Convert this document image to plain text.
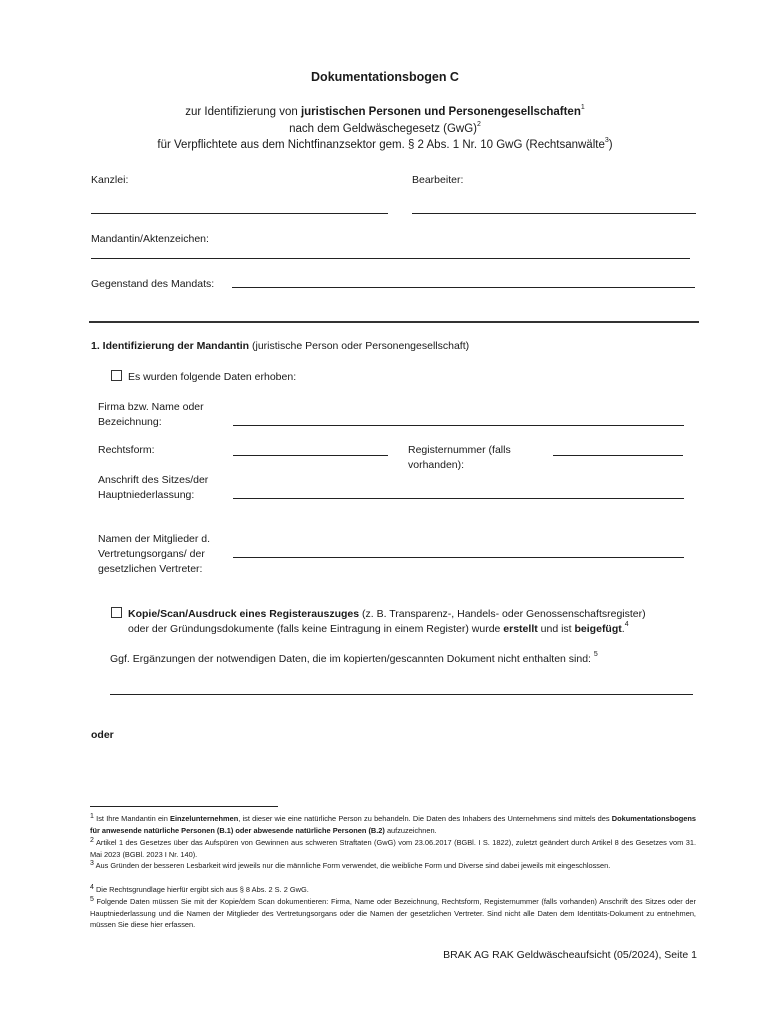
Dokumentationsbogen C
zur Identifizierung von juristischen Personen und Personengesellschaften$^1$
nach dem Geldwäschegesetz (GwG)$^2$
für Verpflichtete aus dem Nichtfinanzsektor gem. § 2 Abs. 1 Nr. 10 GwG (Rechtsanwälte$^3$)
Kanzlei:	Bearbeiter:
Mandantin/Aktenzeichen:
Gegenstand des Mandats:
1. Identifizierung der Mandantin (juristische Person oder Personengesellschaft)
Es wurden folgende Daten erhoben:
Firma bzw. Name oder Bezeichnung:
Rechtsform:	Registernummer (falls vorhanden):
Anschrift des Sitzes/der Hauptniederlassung:
Namen der Mitglieder d. Vertretungsorgans/ der gesetzlichen Vertreter:
Kopie/Scan/Ausdruck eines Registerauszuges (z. B. Transparenz-, Handels- oder Genossenschaftsregister)
oder der Gründungsdokumente (falls keine Eintragung in einem Register) wurde erstellt und ist beigefügt.$^4$
Ggf. Ergänzungen der notwendigen Daten, die im kopierten/gescannten Dokument nicht enthalten sind: $^5$
oder
$^1$ Ist Ihre Mandantin ein Einzelunternehmen, ist dieser wie eine natürliche Person zu behandeln. Die Daten des Inhabers des Unternehmens sind mittels des Dokumentationsbogens für anwesende natürliche Personen (B.1) oder abwesende natürliche Personen (B.2) aufzuzeichnen.
$^2$ Artikel 1 des Gesetzes über das Aufspüren von Gewinnen aus schweren Straftaten (GwG) vom 23.06.2017 (BGBl. I S. 1822), zuletzt geändert durch Artikel 8 des Gesetzes vom 31. Mai 2023 (BGBl. 2023 I Nr. 140).
$^3$ Aus Gründen der besseren Lesbarkeit wird jeweils nur die männliche Form verwendet, die weibliche Form und Diverse sind dabei jeweils mit eingeschlossen.
$^4$ Die Rechtsgrundlage hierfür ergibt sich aus § 8 Abs. 2 S. 2 GwG.
$^5$ Folgende Daten müssen Sie mit der Kopie/dem Scan dokumentieren: Firma, Name oder Bezeichnung, Rechtsform, Registernummer (falls vorhanden) Anschrift des Sitzes oder der Hauptniederlassung und die Namen der Mitglieder des Vertretungsorgans oder die Namen der gesetzlichen Vertreter. Sind nicht alle Daten dem Identitäts-Dokument zu entnehmen, müssen Sie diese hier erfassen.
BRAK AG RAK Geldwäscheaufsicht (05/2024), Seite 1
